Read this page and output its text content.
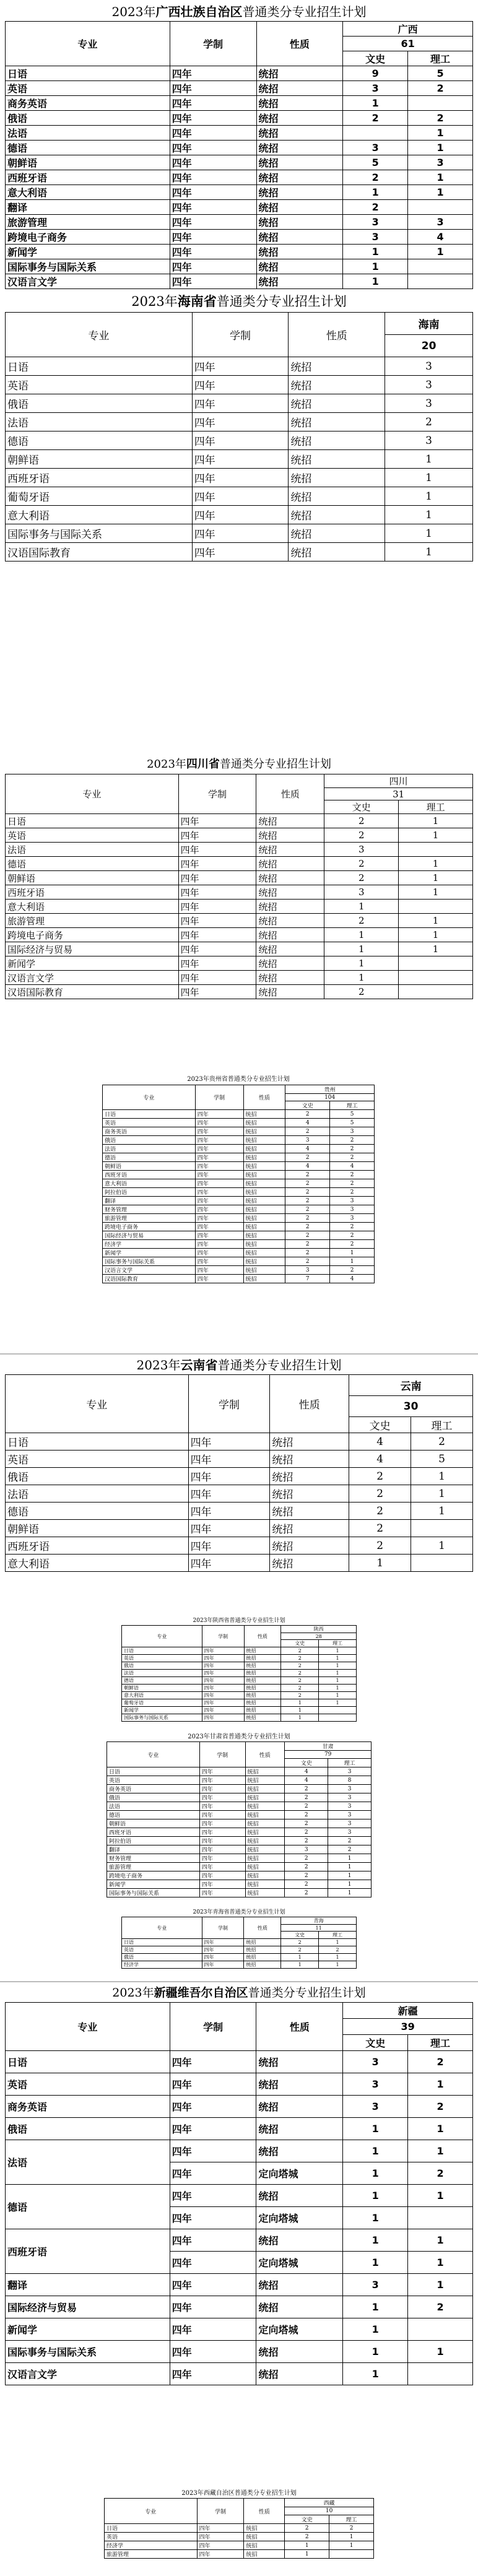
2023年广西壮族自治区普通类分专业招生计划
专业	学制	性质	广西	
			61	
			文史	理工
日语	四年	统招	9	5
英语	四年	统招	3	2
商务英语	四年	统招	1	
俄语	四年	统招	2	2
法语	四年	统招		1
德语	四年	统招	3	1
朝鲜语	四年	统招	5	3
西班牙语	四年	统招	2	1
意大利语	四年	统招	1	1
翻译	四年	统招	2	
旅游管理	四年	统招	3	3
跨境电子商务	四年	统招	3	4
新闻学	四年	统招	1	1
国际事务与国际关系	四年	统招	1	
汉语言文学	四年	统招	1	
2023年海南省普通类分专业招生计划
专业	学制	性质	海南
			20
日语	四年	统招	3
英语	四年	统招	3
俄语	四年	统招	3
法语	四年	统招	2
德语	四年	统招	3
朝鲜语	四年	统招	1
西班牙语	四年	统招	1
葡萄牙语	四年	统招	1
意大利语	四年	统招	1
国际事务与国际关系	四年	统招	1
汉语国际教育	四年	统招	1
2023年四川省普通类分专业招生计划
专业	学制	性质	四川	
			31	
			文史	理工
日语	四年	统招	2	1
英语	四年	统招	2	1
法语	四年	统招	3	
德语	四年	统招	2	1
朝鲜语	四年	统招	2	1
西班牙语	四年	统招	3	1
意大利语	四年	统招	1	
旅游管理	四年	统招	2	1
跨境电子商务	四年	统招	1	1
国际经济与贸易	四年	统招	1	1
新闻学	四年	统招	1	
汉语言文学	四年	统招	1	
汉语国际教育	四年	统招	2	
2023年贵州省普通类分专业招生计划
专业	学制	性质	贵州	
			104	
			文史	理工
日语	四年	统招	2	5
英语	四年	统招	4	5
商务英语	四年	统招	2	3
俄语	四年	统招	3	2
法语	四年	统招	4	2
德语	四年	统招	2	2
朝鲜语	四年	统招	4	4
西班牙语	四年	统招	2	2
意大利语	四年	统招	2	2
阿拉伯语	四年	统招	2	2
翻译	四年	统招	2	3
财务管理	四年	统招	2	3
旅游管理	四年	统招	2	3
跨境电子商务	四年	统招	2	2
国际经济与贸易	四年	统招	2	2
经济学	四年	统招	2	2
新闻学	四年	统招	2	1
国际事务与国际关系	四年	统招	2	1
汉语言文学	四年	统招	3	2
汉语国际教育	四年	统招	7	4
2023年云南省普通类分专业招生计划
专业	学制	性质	云南	
			30	
			文史	理工
日语	四年	统招	4	2
英语	四年	统招	4	5
俄语	四年	统招	2	1
法语	四年	统招	2	1
德语	四年	统招	2	1
朝鲜语	四年	统招	2	
西班牙语	四年	统招	2	1
意大利语	四年	统招	1	
2023年陕西省普通类分专业招生计划
专业	学制	性质	陕西	
			28	
			文史	理工
日语	四年	统招	2	1
英语	四年	统招	2	1
俄语	四年	统招	2	1
法语	四年	统招	2	1
德语	四年	统招	2	1
朝鲜语	四年	统招	2	1
意大利语	四年	统招	2	1
葡萄牙语	四年	统招	1	1
新闻学	四年	统招	1	
国际事务与国际关系	四年	统招	1	
2023年甘肃省普通类分专业招生计划
专业	学制	性质	甘肃	
			79	
			文史	理工
日语	四年	统招	4	3
英语	四年	统招	4	8
商务英语	四年	统招	2	3
俄语	四年	统招	2	3
法语	四年	统招	2	3
德语	四年	统招	2	3
朝鲜语	四年	统招	2	3
西班牙语	四年	统招	2	3
阿拉伯语	四年	统招	2	2
翻译	四年	统招	3	2
财务管理	四年	统招	2	1
旅游管理	四年	统招	2	1
跨境电子商务	四年	统招	2	1
新闻学	四年	统招	2	1
国际事务与国际关系	四年	统招	2	1
2023年青海省普通类分专业招生计划
专业	学制	性质	青海	
			11	
			文史	理工
日语	四年	统招	2	1
英语	四年	统招	2	2
俄语	四年	统招	1	1
经济学	四年	统招	1	1
2023年新疆维吾尔自治区普通类分专业招生计划
专业	学制	性质	新疆	
			39	
			文史	理工
日语	四年	统招	3	2
英语	四年	统招	3	1
商务英语	四年	统招	3	2
俄语	四年	统招	1	1
法语	四年	统招	1	1
	四年	定向塔城	1	2
德语	四年	统招	1	1
	四年	定向塔城	1	
西班牙语	四年	统招	1	1
	四年	定向塔城	1	1
翻译	四年	统招	3	1
国际经济与贸易	四年	统招	1	2
新闻学	四年	定向塔城	1	
国际事务与国际关系	四年	统招	1	1
汉语言文学	四年	统招	1	
2023年西藏自治区普通类分专业招生计划
专业	学制	性质	西藏	
			10	
			文史	理工
日语	四年	统招	2	2
英语	四年	统招	2	1
经济学	四年	统招	1	1
旅游管理	四年	统招	1	
